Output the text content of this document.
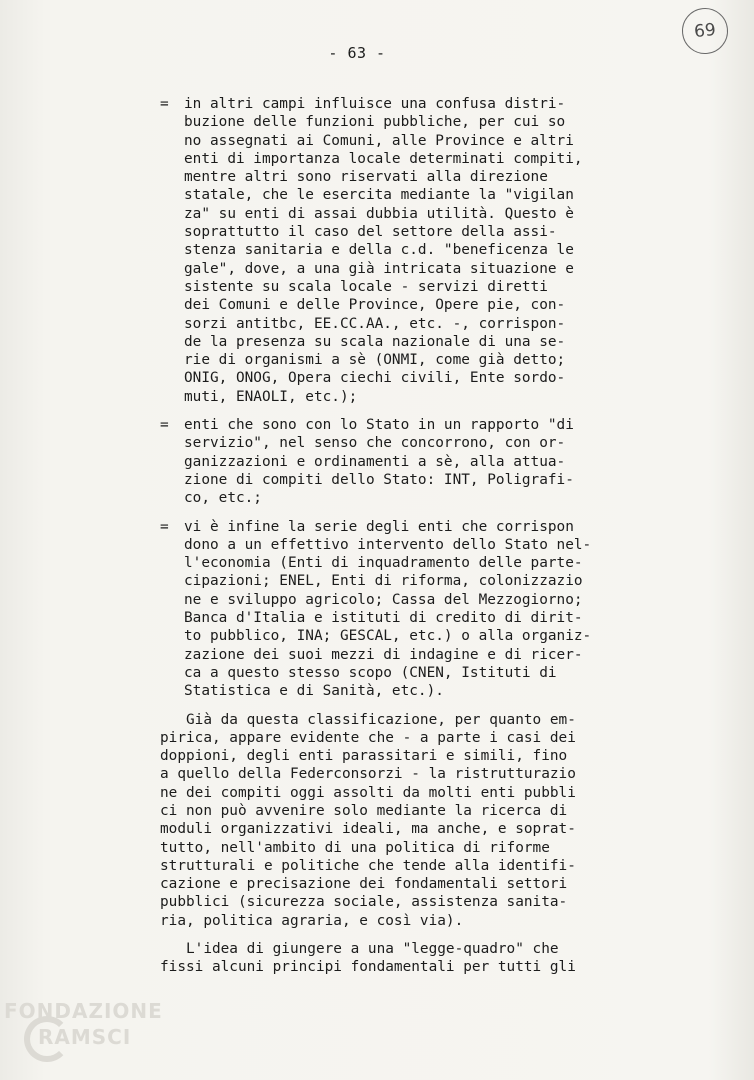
- 63 -
69
= in altri campi influisce una confusa distri-
buzione delle funzioni pubbliche, per cui so
no assegnati ai Comuni, alle Province e altri
enti di importanza locale determinati compiti,
mentre altri sono riservati alla direzione
statale, che le esercita mediante la "vigilan
za" su enti di assai dubbia utilità. Questo è
soprattutto il caso del settore della assi-
stenza sanitaria e della c.d. "beneficenza le
gale", dove, a una già intricata situazione e
sistente su scala locale - servizi diretti
dei Comuni e delle Province, Opere pie, con-
sorzi antitbc, EE.CC.AA., etc. -, corrispon-
de la presenza su scala nazionale di una se-
rie di organismi a sè (ONMI, come già detto;
ONIG, ONOG, Opera ciechi civili, Ente sordo-
muti, ENAOLI, etc.);
= enti che sono con lo Stato in un rapporto "di
servizio", nel senso che concorrono, con or-
ganizzazioni e ordinamenti a sè, alla attua-
zione di compiti dello Stato: INT, Poligrafi-
co, etc.;
= vi è infine la serie degli enti che corrispon
dono a un effettivo intervento dello Stato nel-
l'economia (Enti di inquadramento delle parte-
cipazioni; ENEL, Enti di riforma, colonizzazio
ne e sviluppo agricolo; Cassa del Mezzogiorno;
Banca d'Italia e istituti di credito di dirit-
to pubblico, INA; GESCAL, etc.) o alla organiz-
zazione dei suoi mezzi di indagine e di ricer-
ca a questo stesso scopo (CNEN, Istituti di
Statistica e di Sanità, etc.).
Già da questa classificazione, per quanto em-
pirica, appare evidente che - a parte i casi dei
doppioni, degli enti parassitari e simili, fino
a quello della Federconsorzi - la ristrutturazio
ne dei compiti oggi assolti da molti enti pubbli
ci non può avvenire solo mediante la ricerca di
moduli organizzativi ideali, ma anche, e soprat-
tutto, nell'ambito di una politica di riforme
strutturali e politiche che tende alla identifi-
cazione e precisazione dei fondamentali settori
pubblici (sicurezza sociale, assistenza sanita-
ria, politica agraria, e così via).
L'idea di giungere a una "legge-quadro" che
fissi alcuni principi fondamentali per tutti gli
FONDAZIONE
RAMSCI
